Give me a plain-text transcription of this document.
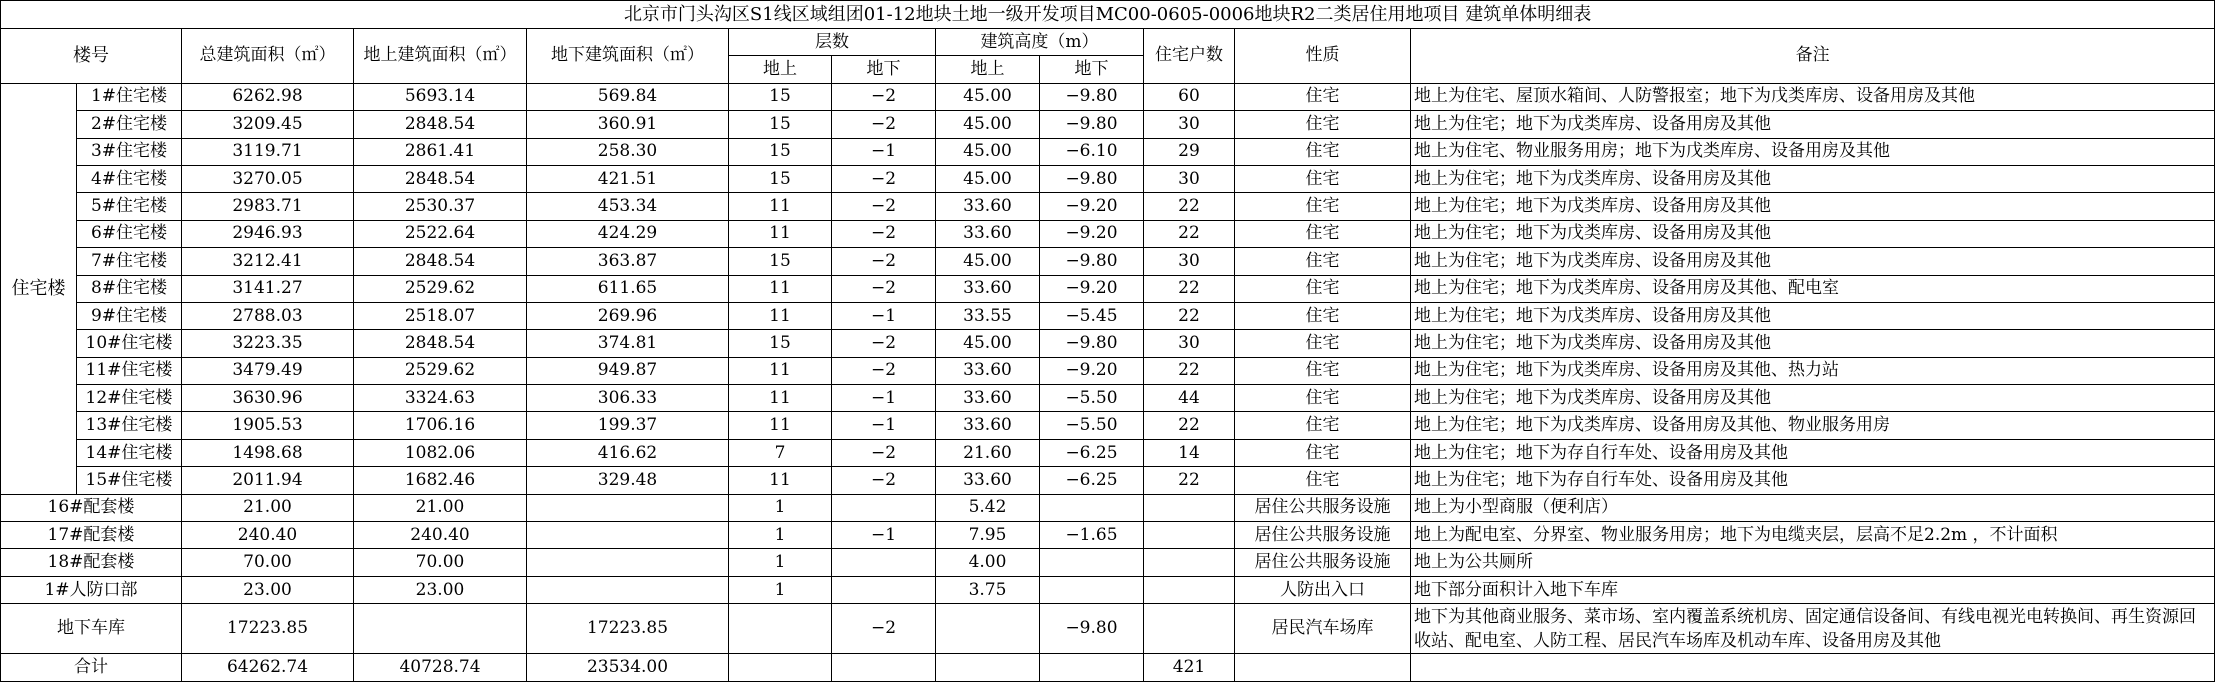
北京市门头沟区S1线区域组团01-12地块土地一级开发项目MC00-0605-0006地块R2二类居住用地项目 建筑单体明细表											
楼号		总建筑面积（㎡）	地上建筑面积（㎡）	地下建筑面积（㎡）	层数		建筑高度（m）		住宅户数	性质	备注
					地上	地下	地上	地下			
住宅楼	1#住宅楼	6262.98	5693.14	569.84	15	−2	45.00	−9.80	60	住宅	地上为住宅、屋顶水箱间、人防警报室；地下为戊类库房、设备用房及其他
	2#住宅楼	3209.45	2848.54	360.91	15	−2	45.00	−9.80	30	住宅	地上为住宅；地下为戊类库房、设备用房及其他
	3#住宅楼	3119.71	2861.41	258.30	15	−1	45.00	−6.10	29	住宅	地上为住宅、物业服务用房；地下为戊类库房、设备用房及其他
	4#住宅楼	3270.05	2848.54	421.51	15	−2	45.00	−9.80	30	住宅	地上为住宅；地下为戊类库房、设备用房及其他
	5#住宅楼	2983.71	2530.37	453.34	11	−2	33.60	−9.20	22	住宅	地上为住宅；地下为戊类库房、设备用房及其他
	6#住宅楼	2946.93	2522.64	424.29	11	−2	33.60	−9.20	22	住宅	地上为住宅；地下为戊类库房、设备用房及其他
	7#住宅楼	3212.41	2848.54	363.87	15	−2	45.00	−9.80	30	住宅	地上为住宅；地下为戊类库房、设备用房及其他
	8#住宅楼	3141.27	2529.62	611.65	11	−2	33.60	−9.20	22	住宅	地上为住宅；地下为戊类库房、设备用房及其他、配电室
	9#住宅楼	2788.03	2518.07	269.96	11	−1	33.55	−5.45	22	住宅	地上为住宅；地下为戊类库房、设备用房及其他
	10#住宅楼	3223.35	2848.54	374.81	15	−2	45.00	−9.80	30	住宅	地上为住宅；地下为戊类库房、设备用房及其他
	11#住宅楼	3479.49	2529.62	949.87	11	−2	33.60	−9.20	22	住宅	地上为住宅；地下为戊类库房、设备用房及其他、热力站
	12#住宅楼	3630.96	3324.63	306.33	11	−1	33.60	−5.50	44	住宅	地上为住宅；地下为戊类库房、设备用房及其他
	13#住宅楼	1905.53	1706.16	199.37	11	−1	33.60	−5.50	22	住宅	地上为住宅；地下为戊类库房、设备用房及其他、物业服务用房
	14#住宅楼	1498.68	1082.06	416.62	7	−2	21.60	−6.25	14	住宅	地上为住宅；地下为存自行车处、设备用房及其他
	15#住宅楼	2011.94	1682.46	329.48	11	−2	33.60	−6.25	22	住宅	地上为住宅；地下为存自行车处、设备用房及其他
16#配套楼		21.00	21.00		1		5.42			居住公共服务设施	地上为小型商服（便利店）
17#配套楼		240.40	240.40		1	−1	7.95	−1.65		居住公共服务设施	地上为配电室、分界室、物业服务用房；地下为电缆夹层，层高不足2.2m ，不计面积
18#配套楼		70.00	70.00		1		4.00			居住公共服务设施	地上为公共厕所
1#人防口部		23.00	23.00		1		3.75			人防出入口	地下部分面积计入地下车库
地下车库		17223.85		17223.85		−2		−9.80		居民汽车场库	地下为其他商业服务、菜市场、室内覆盖系统机房、固定通信设备间、有线电视光电转换间、再生资源回收站、配电室、人防工程、居民汽车场库及机动车库、设备用房及其他
合计		64262.74	40728.74	23534.00					421		
